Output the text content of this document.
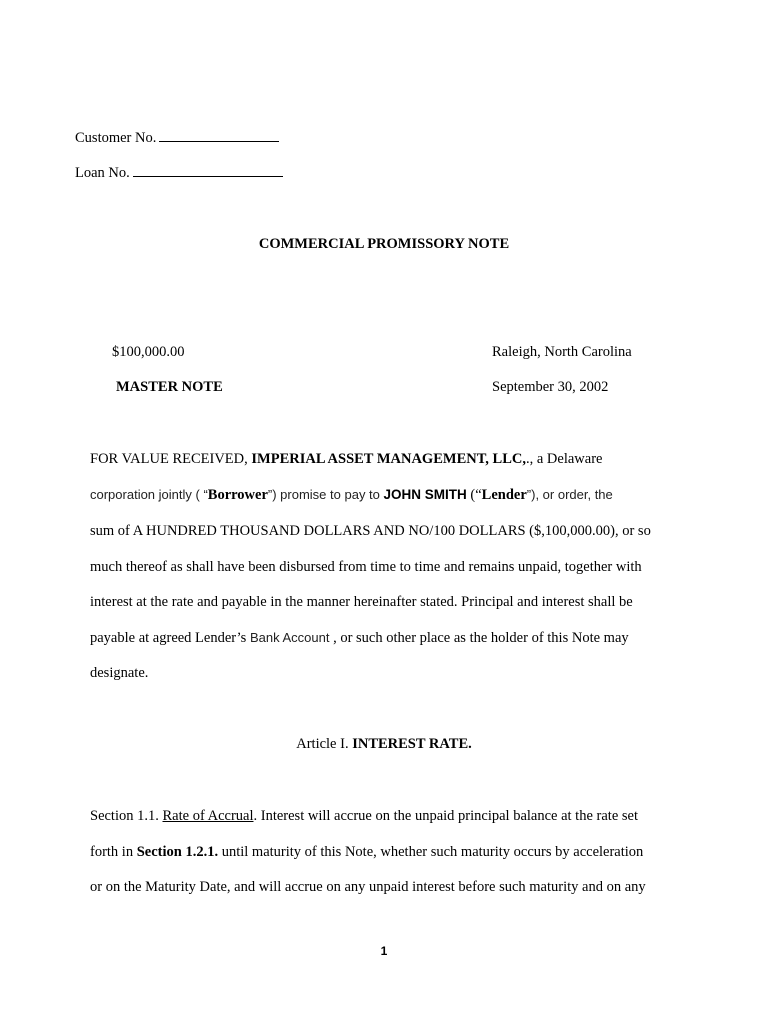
Customer No.
Loan No.
COMMERCIAL PROMISSORY NOTE
$100,000.00	Raleigh, North Carolina
MASTER NOTE	September 30, 2002
FOR VALUE RECEIVED, IMPERIAL ASSET MANAGEMENT, LLC,., a Delaware
corporation jointly ( “Borrower”) promise to pay to JOHN SMITH (“Lender”), or order, the
sum of A HUNDRED THOUSAND DOLLARS AND NO/100 DOLLARS ($,100,000.00), or so
much thereof as shall have been disbursed from time to time and remains unpaid, together with
interest at the rate and payable in the manner hereinafter stated. Principal and interest shall be
payable at agreed Lender’s Bank Account , or such other place as the holder of this Note may
designate.
Article I. INTEREST RATE.
Section 1.1. Rate of Accrual. Interest will accrue on the unpaid principal balance at the rate set
forth in Section 1.2.1. until maturity of this Note, whether such maturity occurs by acceleration
or on the Maturity Date, and will accrue on any unpaid interest before such maturity and on any
1
